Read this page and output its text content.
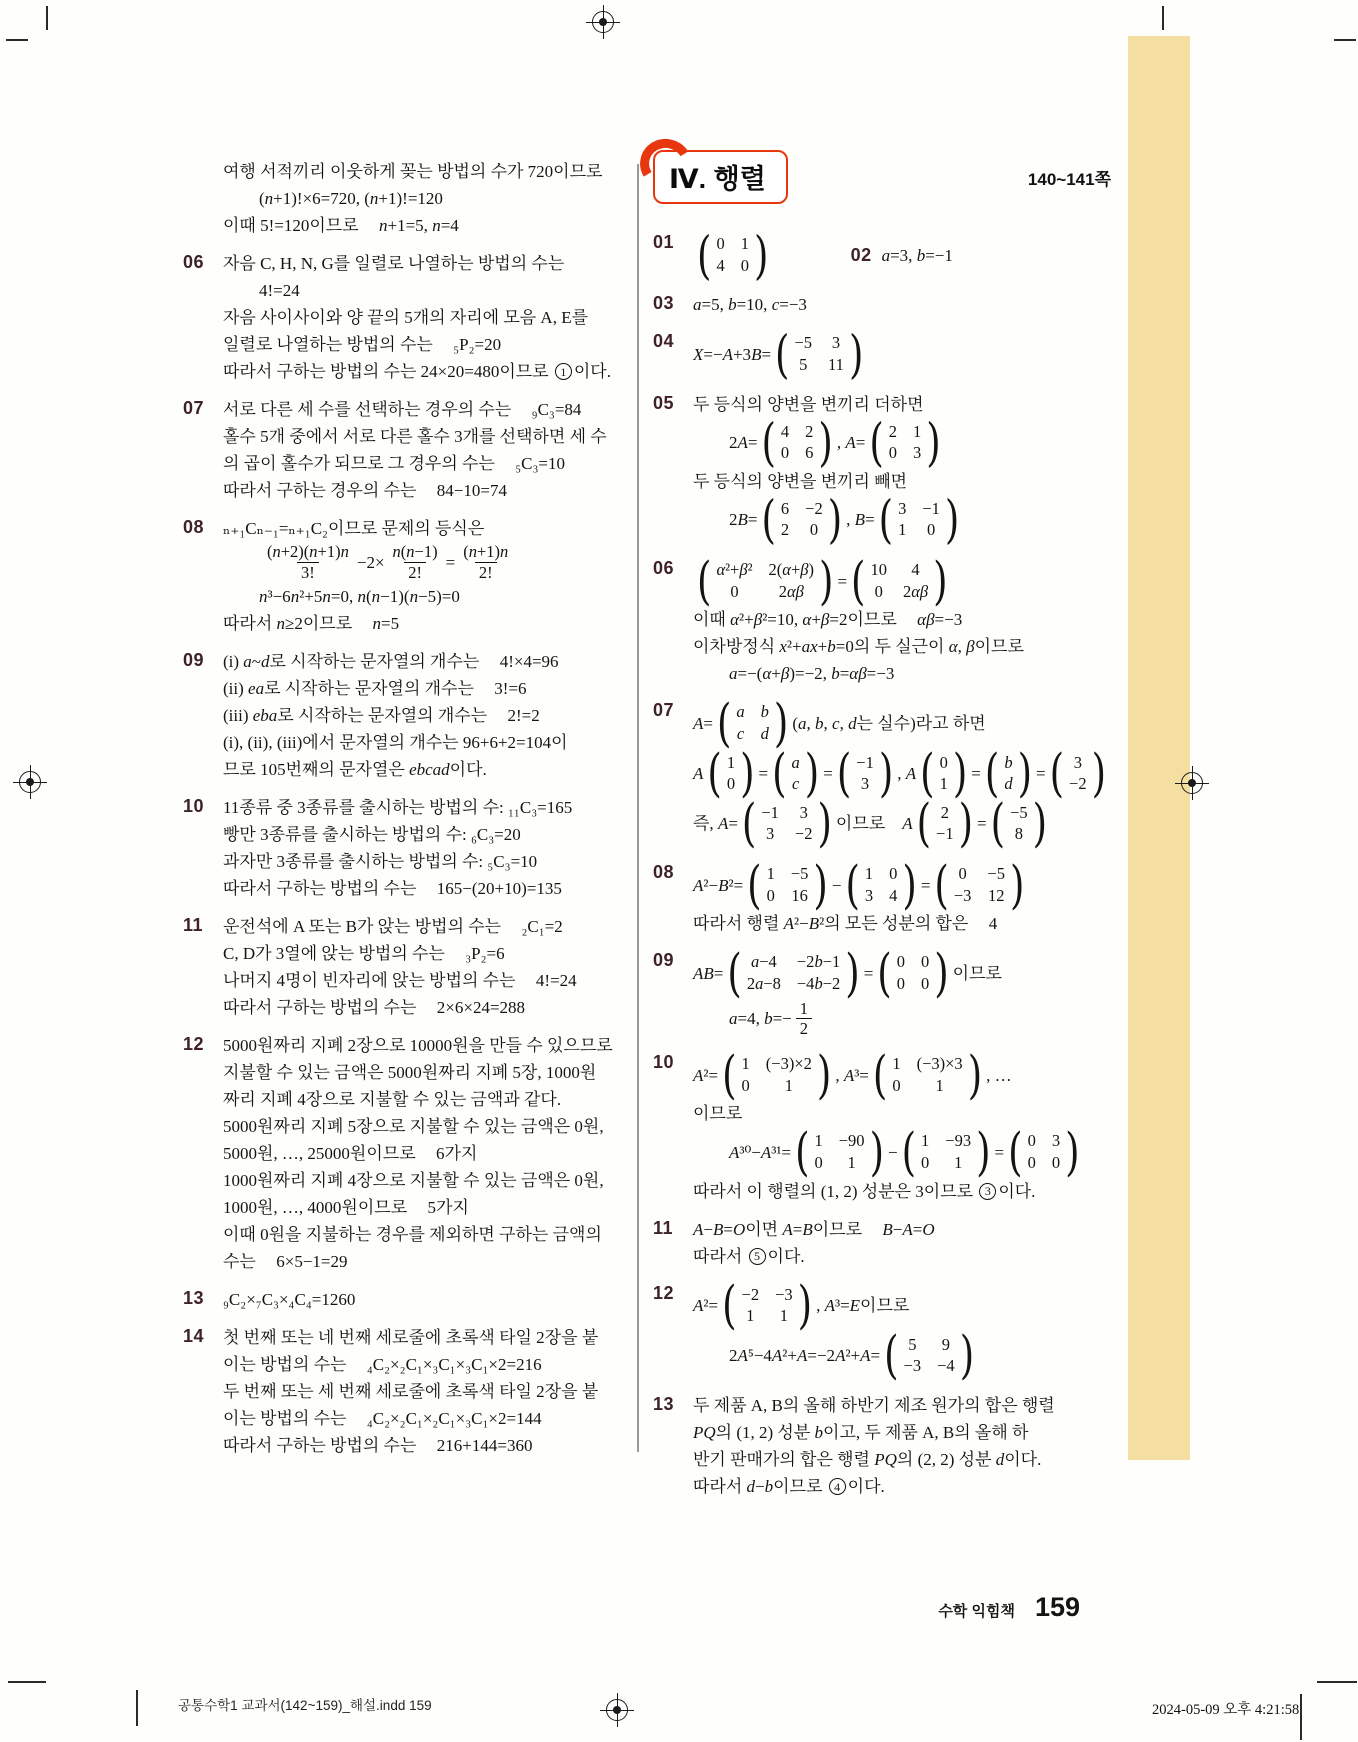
여행 서적끼리 이웃하게 꽂는 방법의 수가 720이므로
(n+1)!×6=720, (n+1)!=120
이때 5!=120이므로 n+1=5, n=4
06	자음 C, H, N, G를 일렬로 나열하는 방법의 수는
4!=24
자음 사이사이와 양 끝의 5개의 자리에 모음 A, E를
일렬로 나열하는 방법의 수는 ₅P₂=20
따라서 구하는 방법의 수는 24×20=480이므로 1 이다.
07	서로 다른 세 수를 선택하는 경우의 수는 ₉C₃=84
홀수 5개 중에서 서로 다른 홀수 3개를 선택하면 세 수
의 곱이 홀수가 되므로 그 경우의 수는 ₅C₃=10
따라서 구하는 경우의 수는 84−10=74
08	ₙ₊₁Cₙ₋₁=ₙ₊₁C₂이므로 문제의 등식은
$\frac{(n+2)(n+1)n}{3!} -2\times \frac{n(n-1)}{2!} = \frac{(n+1)n}{2!}$
n³−6n²+5n=0, n(n−1)(n−5)=0
따라서 n≥2 이므로 n=5
09	(i) a~d 로 시작하는 문자열의 개수는 4!×4=96
(ii) ea 로 시작하는 문자열의 개수는 3!=6
(iii) eba 로 시작하는 문자열의 개수는 2!=2
(i), (ii), (iii)에서 문자열의 개수는 96+6+2=104이
므로 105번째의 문자열은 ebcad 이다.
10	11종류 중 3종류를 출시하는 방법의 수: ₁₁C₃=165
빵만 3종류를 출시하는 방법의 수: ₆C₃=20
과자만 3종류를 출시하는 방법의 수: ₅C₃=10
따라서 구하는 방법의 수는 165−(20+10)=135
11	운전석에 A 또는 B가 앉는 방법의 수는 ₂C₁=2
C, D가 3열에 앉는 방법의 수는 ₃P₂=6
나머지 4명이 빈자리에 앉는 방법의 수는 4!=24
따라서 구하는 방법의 수는 2×6×24=288
12	5000원짜리 지폐 2장으로 10000원을 만들 수 있으므로
지불할 수 있는 금액은 5000원짜리 지폐 5장, 1000원
짜리 지폐 4장으로 지불할 수 있는 금액과 같다.
5000원짜리 지폐 5장으로 지불할 수 있는 금액은 0원,
5000원, …, 25000원이므로 6가지
1000원짜리 지폐 4장으로 지불할 수 있는 금액은 0원,
1000원, …, 4000원이므로 5가지
이때 0원을 지불하는 경우를 제외하면 구하는 금액의
수는 6×5−1=29
13	₉C₂×₇C₃×₄C₄=1260
14	첫 번째 또는 네 번째 세로줄에 초록색 타일 2장을 붙
이는 방법의 수는 ₄C₂×₂C₁×₃C₁×₃C₁×2=216
두 번째 또는 세 번째 세로줄에 초록색 타일 2장을 붙
이는 방법의 수는 ₄C₂×₂C₁×₂C₁×₃C₁×2=144
따라서 구하는 방법의 수는 216+144=360
Ⅳ. 행렬	140~141쪽
01 ( 0 1
4 0 )	02 a=3, b=−1
03	a=5, b=10, c=−3
04
X=−A+3B= ( −5 3
5 11 )
05	두 등식의 양변을 변끼리 더하면
2A= ( 4 2
0 6 ) , A= ( 2 1
0 3 )
두 등식의 양변을 변끼리 빼면
2B= ( 6 −2
2 0 ) , B= ( 3 −1
1 0 )
06 ( α²+β² 2(α+β)
0 2αβ ) = ( 10 4
0 2αβ )
이때 α²+β²=10, α+β=2 이므로 αβ=−3
이차방정식 x²+ax+b=0 의 두 실근이 α, β 이므로
a=−(α+β)=−2, b=αβ=−3
07
A= ( a b
c d ) (a, b, c, d 는 실수)라고 하면
A ( 1
0 ) = ( a
c ) = ( −1
3 ) , A ( 0
1 ) = ( b
d ) = ( 3
−2 )
즉, A= ( −1 3
3 −2 ) 이므로 A ( 2
−1 ) = ( −5
8 )
08
A²−B²= ( 1 −5
0 16 ) − ( 1 0
3 4 ) = ( 0 −5
−3 12 )
따라서 행렬 A²−B² 의 모든 성분의 합은 4
09
AB= ( a−4 −2b−1
2a−8 −4b−2 ) = ( 0 0
0 0 ) 이므로
a=4, $b=- \frac{1}{2}$
10
A²= ( 1 (−3)×2
0 1 ) , A³= ( 1 (−3)×3
0 1 ) , …
이므로
A³⁰−A³¹= ( 1 −90
0 1 ) − ( 1 −93
0 1 ) = ( 0 3
0 0 )
따라서 이 행렬의 (1, 2) 성분은 3이므로 3 이다.
11	A−B=O 이면 A=B 이므로 B−A=O
따라서 5 이다.
12
A²= ( −2 −3
1 1 ) , A³=E 이므로
2A⁵−4A²+A=−2A²+A= ( 5 9
−3 −4 )
13	두 제품 A, B의 올해 하반기 제조 원가의 합은 행렬
PQ 의 (1, 2) 성분 b 이고, 두 제품 A, B의 올해 하
반기 판매가의 합은 행렬 PQ 의 (2, 2) 성분 d 이다.
따라서 d−b 이므로 4 이다.
수학 익힘책 159
공통수학1 교과서(142~159)_해설.indd 159	2024-05-09 오후 4:21:58
